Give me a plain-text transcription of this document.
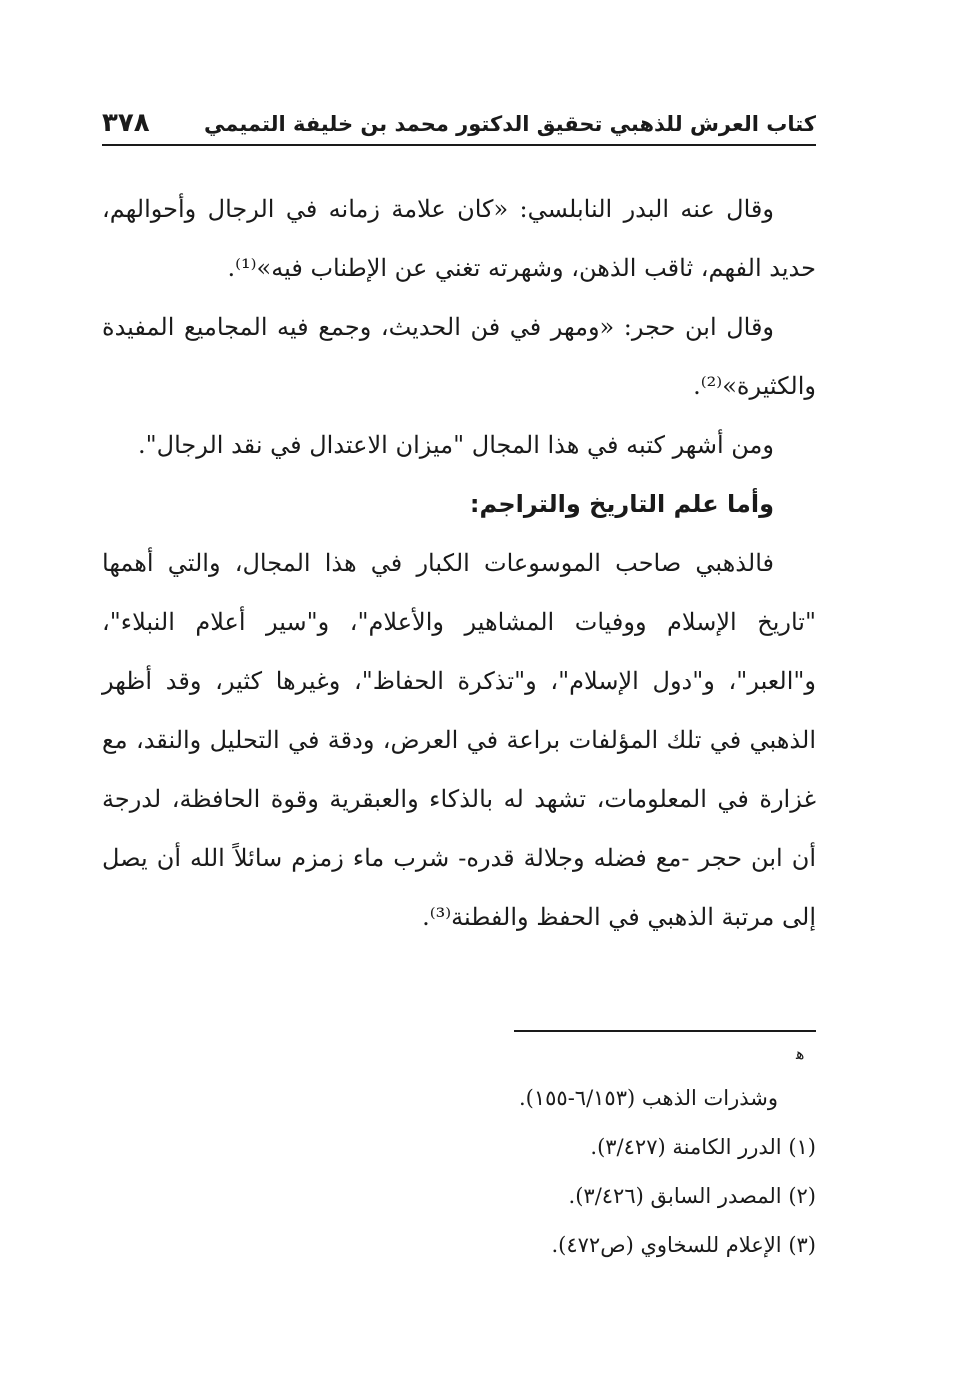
كتاب العرش للذهبي تحقيق الدكتور محمد بن خليفة التميمي
٣٧٨

وقال عنه البدر النابلسي: «كان علامة زمانه في الرجال وأحوالهم، حديد الفهم، ثاقب الذهن، وشهرته تغني عن الإطناب فيه»⁽¹⁾.

وقال ابن حجر: «ومهر في فن الحديث، وجمع فيه المجاميع المفيدة والكثيرة»⁽²⁾.

ومن أشهر كتبه في هذا المجال "ميزان الاعتدال في نقد الرجال".

وأما علم التاريخ والتراجم:

فالذهبي صاحب الموسوعات الكبار في هذا المجال، والتي أهمها "تاريخ الإسلام ووفيات المشاهير والأعلام"، و"سير أعلام النبلاء"، و"العبر"، و"دول الإسلام"، و"تذكرة الحفاظ"، وغيرها كثير، وقد أظهر الذهبي في تلك المؤلفات براعة في العرض، ودقة في التحليل والنقد، مع غزارة في المعلومات، تشهد له بالذكاء والعبقرية وقوة الحافظة، لدرجة أن ابن حجر -مع فضله وجلالة قدره- شرب ماء زمزم سائلاً الله أن يصل إلى مرتبة الذهبي في الحفظ والفطنة⁽³⁾.

ﻫ

وشذرات الذهب (٦/١٥٣-١٥٥).

(١) الدرر الكامنة (٣/٤٢٧).

(٢) المصدر السابق (٣/٤٢٦).

(٣) الإعلام للسخاوي (ص٤٧٢).
